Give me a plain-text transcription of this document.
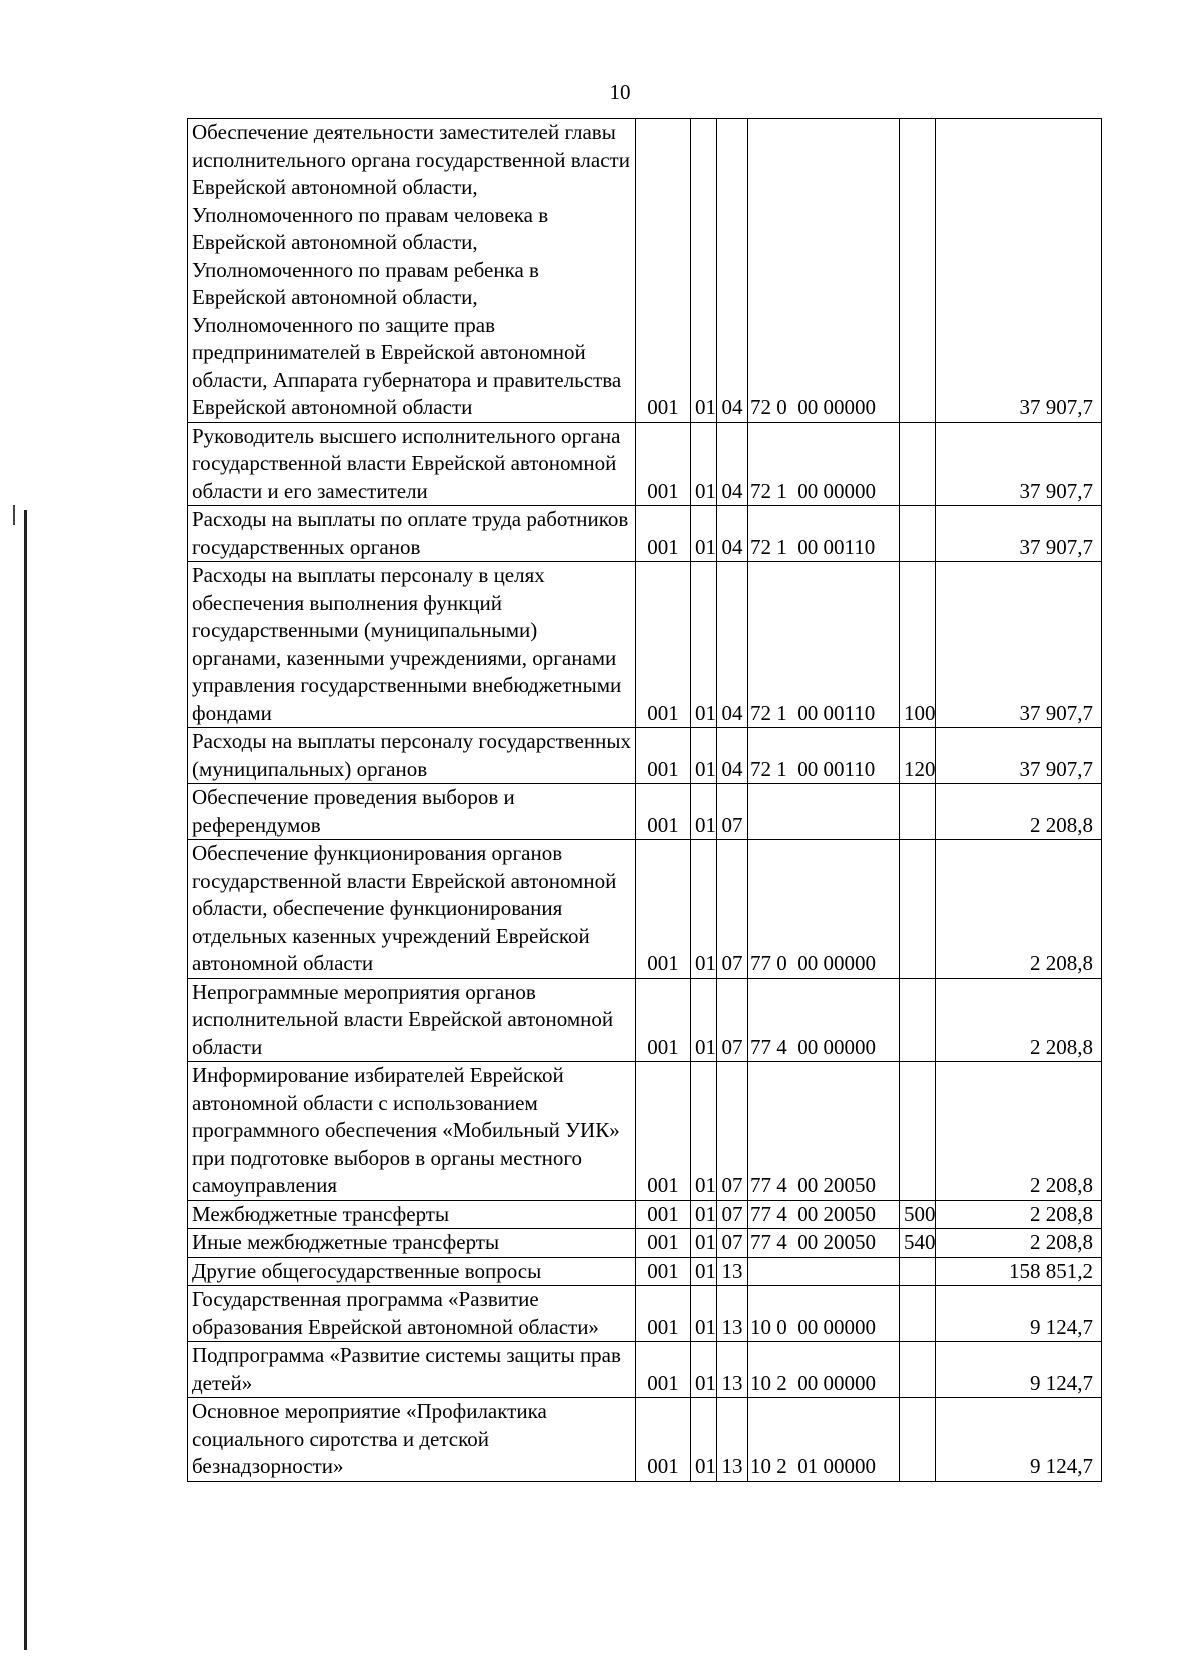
10
Обеспечение деятельности заместителей главы исполнительного органа государственной власти Еврейской автономной области, Уполномоченного по правам человека в Еврейской автономной области, Уполномоченного по правам ребенка в Еврейской автономной области, Уполномоченного по защите прав предпринимателей в Еврейской автономной области, Аппарата губернатора и правительства Еврейской автономной области	001	01	04	72 0  00 00000		37 907,7
Руководитель высшего исполнительного органа государственной власти Еврейской автономной области и его заместители	001	01	04	72 1  00 00000		37 907,7
Расходы на выплаты по оплате труда работников государственных органов	001	01	04	72 1  00 00110		37 907,7
Расходы на выплаты персоналу в целях обеспечения выполнения функций государственными (муниципальными) органами, казенными учреждениями, органами управления государственными внебюджетными фондами	001	01	04	72 1  00 00110	100	37 907,7
Расходы на выплаты персоналу государственных (муниципальных) органов	001	01	04	72 1  00 00110	120	37 907,7
Обеспечение проведения выборов и референдумов	001	01	07			2 208,8
Обеспечение функционирования органов государственной власти Еврейской автономной области, обеспечение функционирования отдельных казенных учреждений Еврейской автономной области	001	01	07	77 0  00 00000		2 208,8
Непрограммные мероприятия органов исполнительной власти Еврейской автономной области	001	01	07	77 4  00 00000		2 208,8
Информирование избирателей Еврейской автономной области с использованием программного обеспечения «Мобильный УИК» при подготовке выборов в органы местного самоуправления	001	01	07	77 4  00 20050		2 208,8
Межбюджетные трансферты	001	01	07	77 4  00 20050	500	2 208,8
Иные межбюджетные трансферты	001	01	07	77 4  00 20050	540	2 208,8
Другие общегосударственные вопросы	001	01	13			158 851,2
Государственная программа «Развитие образования Еврейской автономной области»	001	01	13	10 0  00 00000		9 124,7
Подпрограмма «Развитие системы защиты прав детей»	001	01	13	10 2  00 00000		9 124,7
Основное мероприятие «Профилактика социального сиротства и детской безнадзорности»	001	01	13	10 2  01 00000		9 124,7
